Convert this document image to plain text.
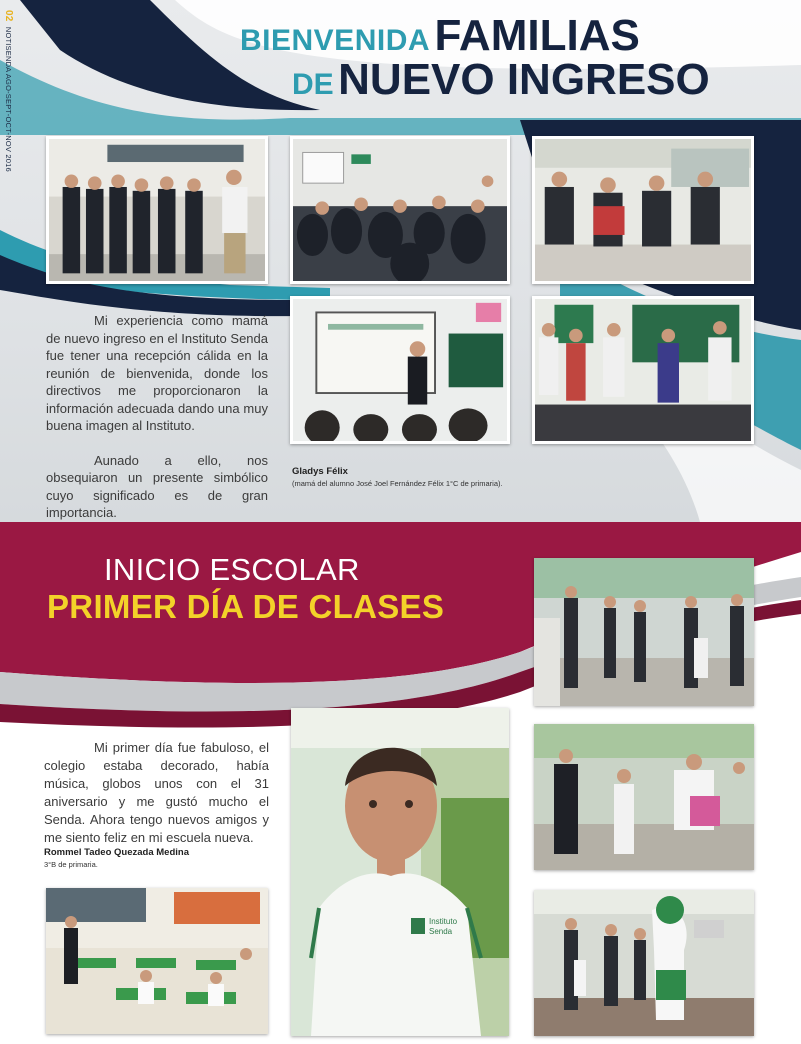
02 NOTISENDA AGO-SEPT-OCT-NOV 2016	BIENVENIDA FAMILIAS
DE NUEVO INGRESO

Mi experiencia como mamá de nuevo ingreso en el Instituto Senda fue tener una recepción cálida en la reunión de bienvenida, donde los directivos me proporcionaron la información adecuada dando una muy buena imagen al Instituto.

Aunado a ello, nos obsequiaron un presente simbólico cuyo significado es de gran importancia.

Gladys Félix
(mamá del alumno José Joel Fernández Félix 1°C de primaria).
INICIO ESCOLAR
PRIMER DÍA DE CLASES

Mi primer día fue fabuloso, el colegio estaba decorado, había música, globos unos con el 31 aniversario y me gustó mucho el Senda. Ahora tengo nuevos amigos y me siento feliz en mi escuela nueva.

Rommel Tadeo Quezada Medina
3°B de primaria.
Instituto
Senda
